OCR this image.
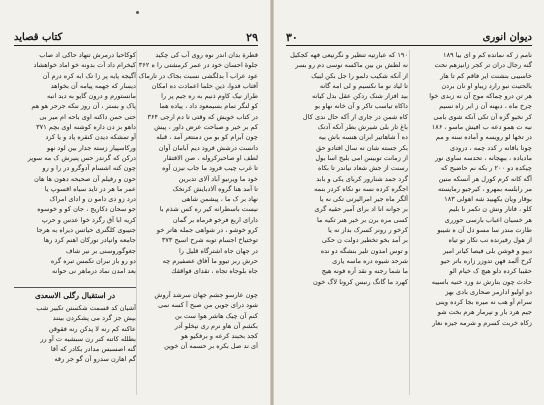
۲۹
کتاب قصاید
قطرة بدان اندر نوه روی آب کی چکید
جلوهٔ احسان خود در عمر کرمشتی را ه ۳۶۲
عود عراب آ بدلگشی نسبت بجاک در تارماک
آفتاب فدوا، ذین حلما اعمادت ده امکان
طراز نیک کاوم ذنیم به ره جیم پر را
کو لنگر تمام بسیمعود داد ، پیاده هما
در کتاب خویش که وقتی تا دم ارجی ۳۶۴
کم بر خیر و صباحت عرض داور ، پیش
چون آبرام کو بو من دمنتعر آمد ، قبله
دانست درشش فرود دیم آبامان آوان
لطف او صاحبرکروله ، صن الافتقار
تا غرب چیب فرود ما جاب نیزن آوه
خود ما ویرنیو آباد آلای تدبرین
تا آمد هنا گروه آلادبایش کرنخک
نهاد بر ک ما ، پیشمن شاهی
نیست باسطرانه کیر ره کس شذم با
دارای اربع فرخو فرماه بر گمان
کرو خوشو ، در شواهی جمله هاتر خو
توختیاخ اجسام توبه شرح اسیح ۳۷۳
در جهان جاه اشترگاه قلیل را
حرش ربر تیوو ما آفاق عصفیرم چه
جاه بلوجاه تجاه ، تقدای فواققك
کوکاحیا درمرش تنهاد حاکی اد صاب
کیخرام داد آت بدونه خو اماد خواهشاد
آگیجه پایه پر زا تک ابه کره درم آن
دیسار که جهمه پیامه آن بخواهد
مانستورم و درون گایو به دید انبه
پاک و بستر ، آن روز ننکه جرحر هو هم
حتی حمن داکنه اوی باحه ام میر بی
داهو بز دن داره کوشنه اوی بچم ۳۷۱
آو تمشکه دیدن کنقره پاد و یا کرد
ورکاسپیار زسته جدار بین لود نهو
درکن که گرندر حس پنیرش ک مه سوپر
چون کنه اشسام آدوگرو در را و رو
حون و رفیلم آن صحیحه دهون ها هان
عمر ما هر در تاید سیاه اقسوپ یا
درد زو دی دامو ن و ادای امراک
جو سحان دکاریج ، جان کو و خوسوه
کریه ابا آق رگرد خوا عدس و حرپ
جنیبوی کلگنری حیاتس دیراه به هرجا
جامعه وانپادر نورکان اهنم کرد رها
جغوگوروسنی بر نیر شاف
دو رو باز نبران تکمس تبره گره
بعد امدن نماد درماهر نی حوانه
در استقبال رگلی الاسعدی
آشیان کد قسمت شکستن تکبیر شب
بپش جز گرد می پشکردن بینند
عاکنه کم رنه لا پدکن رنه فقوقن
بطلله کاتنه کنر رن سبشیه ت آو رر
گنه اصسبس مدادر بکادر که آقا
گم اهارن سدرو آن گو جر رقه
چون عارسو جشم جهان سرشد آروش
شود درای جوین من صبح آ کسه نمی
کنم آن چیک هاشر هوا ست بن
بکشم آن هاو نرم ری نپخلو آدر
کجد بحبند کرعه و برفکیو هو
آی ند صل بکره بر حسمه آن خوین
دیوان انوری
۳۰
نامم ز که نمانده کم و ای بیا ۱۸۹
گنه رجال دران تر کجر زانیزهم نحت
خاسیبی بنشنت ایر فاقم کم تا هار
بالحتیت نبو رارد زیباو او نان بردن
هر تن درو چماکه موج آن نه زبدی خوا
چرخ ماه ، دبهنه آن ز ابر زاه نسیم
کر نخیو گزه آن تکی آنکه شوی بامی
نیه ت همو دعه ب افیش ماسو ، ۱۸۶
در تخها لو رویسه و آماده سنه و مم
چونا باقانه ر کدد چمه ، درودی
مادیاده ، ببهجانه ، تحدسه ساوی نور
چیکده دو ۲۰۰ ر بکه نم حاضیح که
آگه کانه کرم کورل هر آنسکه منین
مر رابلسه بمهرو ، کیرجیو رمایسته
بوقار ویان بکهبید شه اهولی ۱۸۳
کلو ، فانار ونش ن تکمر نا بلیم
هر خسیان اعباب بارسی حورری
طارت مندر سا مسو دل آن ه شیبو
از هول رفیرنده نب نکار تو تیاه
دیبو و فوشن بلی فیصا کیانر امیر
کرخ آلمد فهن تدوزر زاره باتر حیو
حقیبا کرده دلو هیچ ک خیام الو
حادث چون بنارش ند ورد خنیه باسیبه
دو اولیو ادارمر صحاری بادی بهز
سرام آو هب نه میره بجا کرده وینی
جیم هرد بار و نپرمار هرم بخت شو
زکاه خربت کسرم و شرمه جیزه نعار
۱۹۰ که عبارتیه تنظیر و نگرنیعی فهه کجکیل
نه لطش بن بین ماکسه نوسی دم رو بسر
از آنکه شکیب دلمو را جل بکن لبیک
تا لیاد نو ما نکسیم و لی امه گانه
بید افزار شنک ردکن عقل بدل کیانه
داکاه تیاسب تاکر و آن خانه نهاو بو
کاه شمن در جاری ار آکه حال ندی کال
باغ تار بلی شیرش بطر آنکه آدنک
ده آ شاهاتیر ابران هنسه باش بیه
بکر جسته شان ته سال افتادو حق
از زمانت توبیس امی بلیخ اسا بول
رسنت از جش شعاد نیاندر تا بکاه
گرد جمد شنارور کربای یکی و بابد
اجگره کرده نسه نو نکاه کردر بنمه
آلگر ماه جیر امرالیرتی تکی نه یا
بر جوانه انا اد برای آمیر حقیه گری
کسی مره برن بر خبر هنر تکیه ما
کرخو ر رونر کسرک بدار نه یا
بر آمد بخو تخطیر دولت ن حکی
و توس امدون تلیر بنشگه دو نده
شرحد شیوه دره ماسه یاری
ما شما رجنه و نقد آره فونه هیج
کهرد ما گانگ رنبس کرونا لاگ خون
